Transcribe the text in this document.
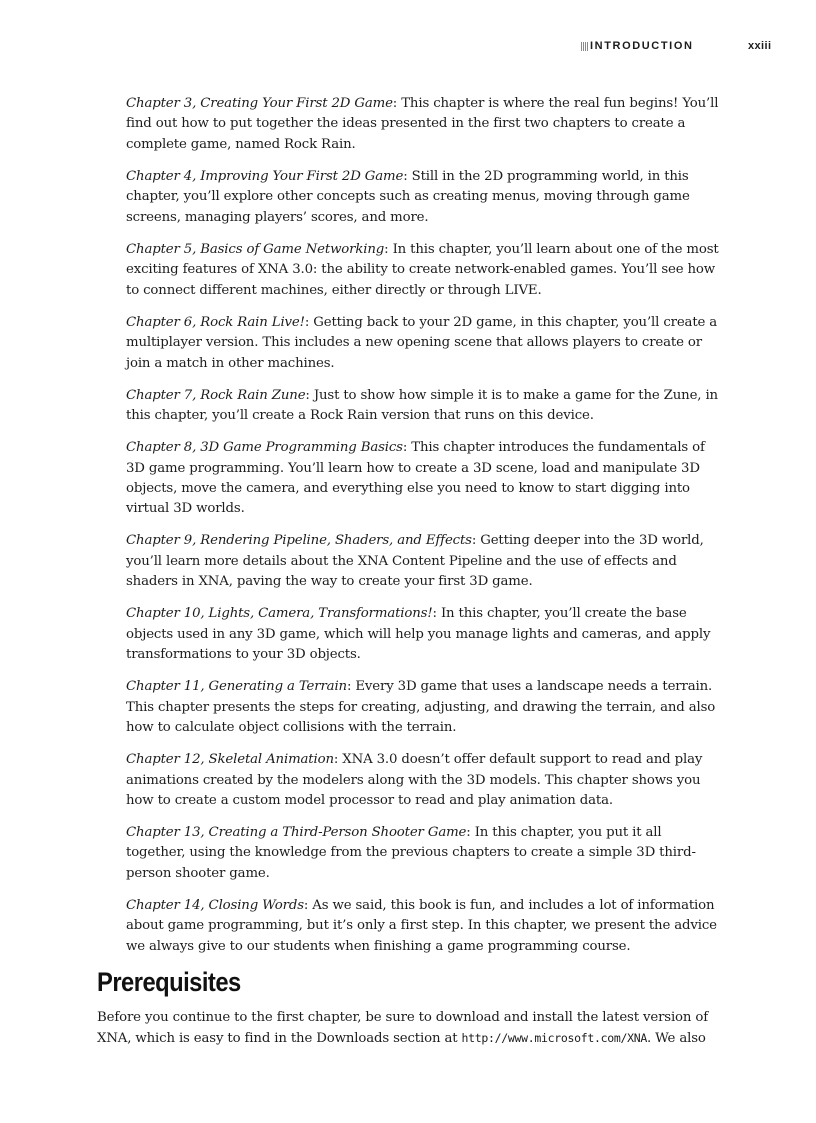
INTRODUCTION	xxiii
Chapter 3, Creating Your First 2D Game: This chapter is where the real fun begins! You’ll find out how to put together the ideas presented in the first two chapters to create a complete game, named Rock Rain.
Chapter 4, Improving Your First 2D Game: Still in the 2D programming world, in this chapter, you’ll explore other concepts such as creating menus, moving through game screens, managing players’ scores, and more.
Chapter 5, Basics of Game Networking: In this chapter, you’ll learn about one of the most exciting features of XNA 3.0: the ability to create network-enabled games. You’ll see how to connect different machines, either directly or through LIVE.
Chapter 6, Rock Rain Live!: Getting back to your 2D game, in this chapter, you’ll create a multiplayer version. This includes a new opening scene that allows players to create or join a match in other machines.
Chapter 7, Rock Rain Zune: Just to show how simple it is to make a game for the Zune, in this chapter, you’ll create a Rock Rain version that runs on this device.
Chapter 8, 3D Game Programming Basics: This chapter introduces the fundamentals of 3D game programming. You’ll learn how to create a 3D scene, load and manipulate 3D objects, move the camera, and everything else you need to know to start digging into virtual 3D worlds.
Chapter 9, Rendering Pipeline, Shaders, and Effects: Getting deeper into the 3D world, you’ll learn more details about the XNA Content Pipeline and the use of effects and shaders in XNA, paving the way to create your first 3D game.
Chapter 10, Lights, Camera, Transformations!: In this chapter, you’ll create the base objects used in any 3D game, which will help you manage lights and cameras, and apply transformations to your 3D objects.
Chapter 11, Generating a Terrain: Every 3D game that uses a landscape needs a terrain. This chapter presents the steps for creating, adjusting, and drawing the terrain, and also how to calculate object collisions with the terrain.
Chapter 12, Skeletal Animation: XNA 3.0 doesn’t offer default support to read and play animations created by the modelers along with the 3D models. This chapter shows you how to create a custom model processor to read and play animation data.
Chapter 13, Creating a Third-Person Shooter Game: In this chapter, you put it all together, using the knowledge from the previous chapters to create a simple 3D third-person shooter game.
Chapter 14, Closing Words: As we said, this book is fun, and includes a lot of information about game programming, but it’s only a first step. In this chapter, we present the advice we always give to our students when finishing a game programming course.
Prerequisites

Before you continue to the first chapter, be sure to download and install the latest version of XNA, which is easy to find in the Downloads section at http://www.microsoft.com/XNA. We also
